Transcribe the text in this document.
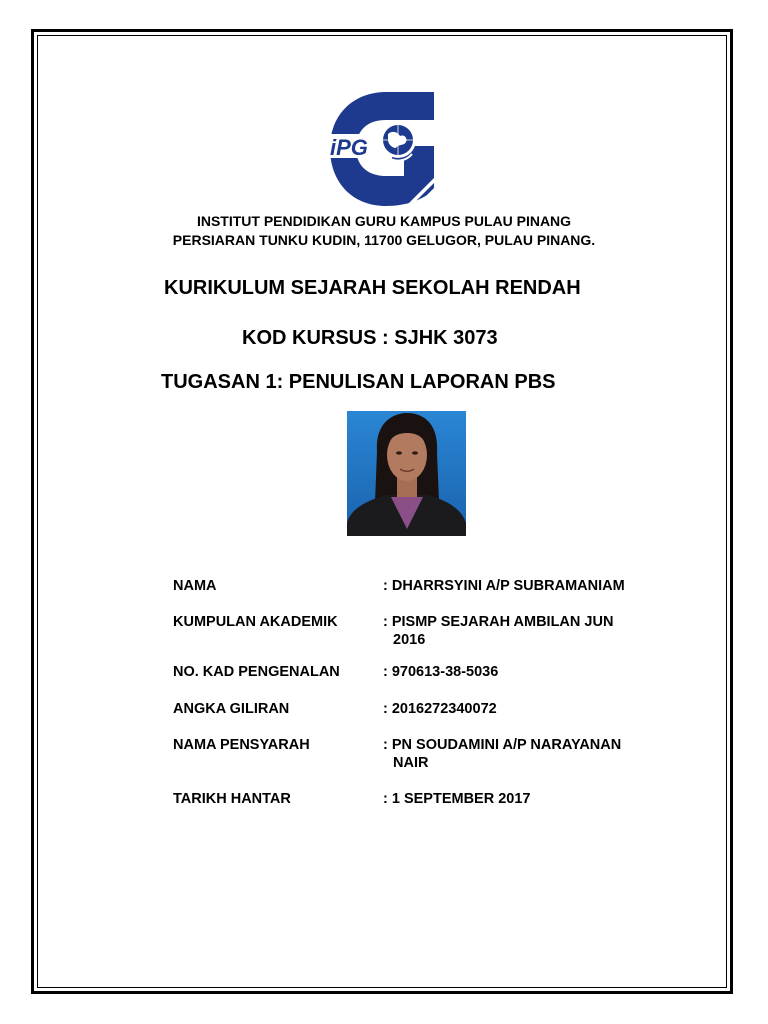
iPG
INSTITUT PENDIDIKAN GURU KAMPUS PULAU PINANG
PERSIARAN TUNKU KUDIN, 11700 GELUGOR, PULAU PINANG.
KURIKULUM SEJARAH SEKOLAH RENDAH
KOD KURSUS : SJHK 3073
TUGASAN 1: PENULISAN LAPORAN PBS
NAMA	: DHARRSYINI A/P SUBRAMANIAM
KUMPULAN AKADEMIK	: PISMP SEJARAH AMBILAN JUN
2016
NO. KAD PENGENALAN	: 970613-38-5036
ANGKA GILIRAN	: 2016272340072
NAMA PENSYARAH	: PN SOUDAMINI A/P NARAYANAN
NAIR
TARIKH HANTAR	: 1 SEPTEMBER 2017
